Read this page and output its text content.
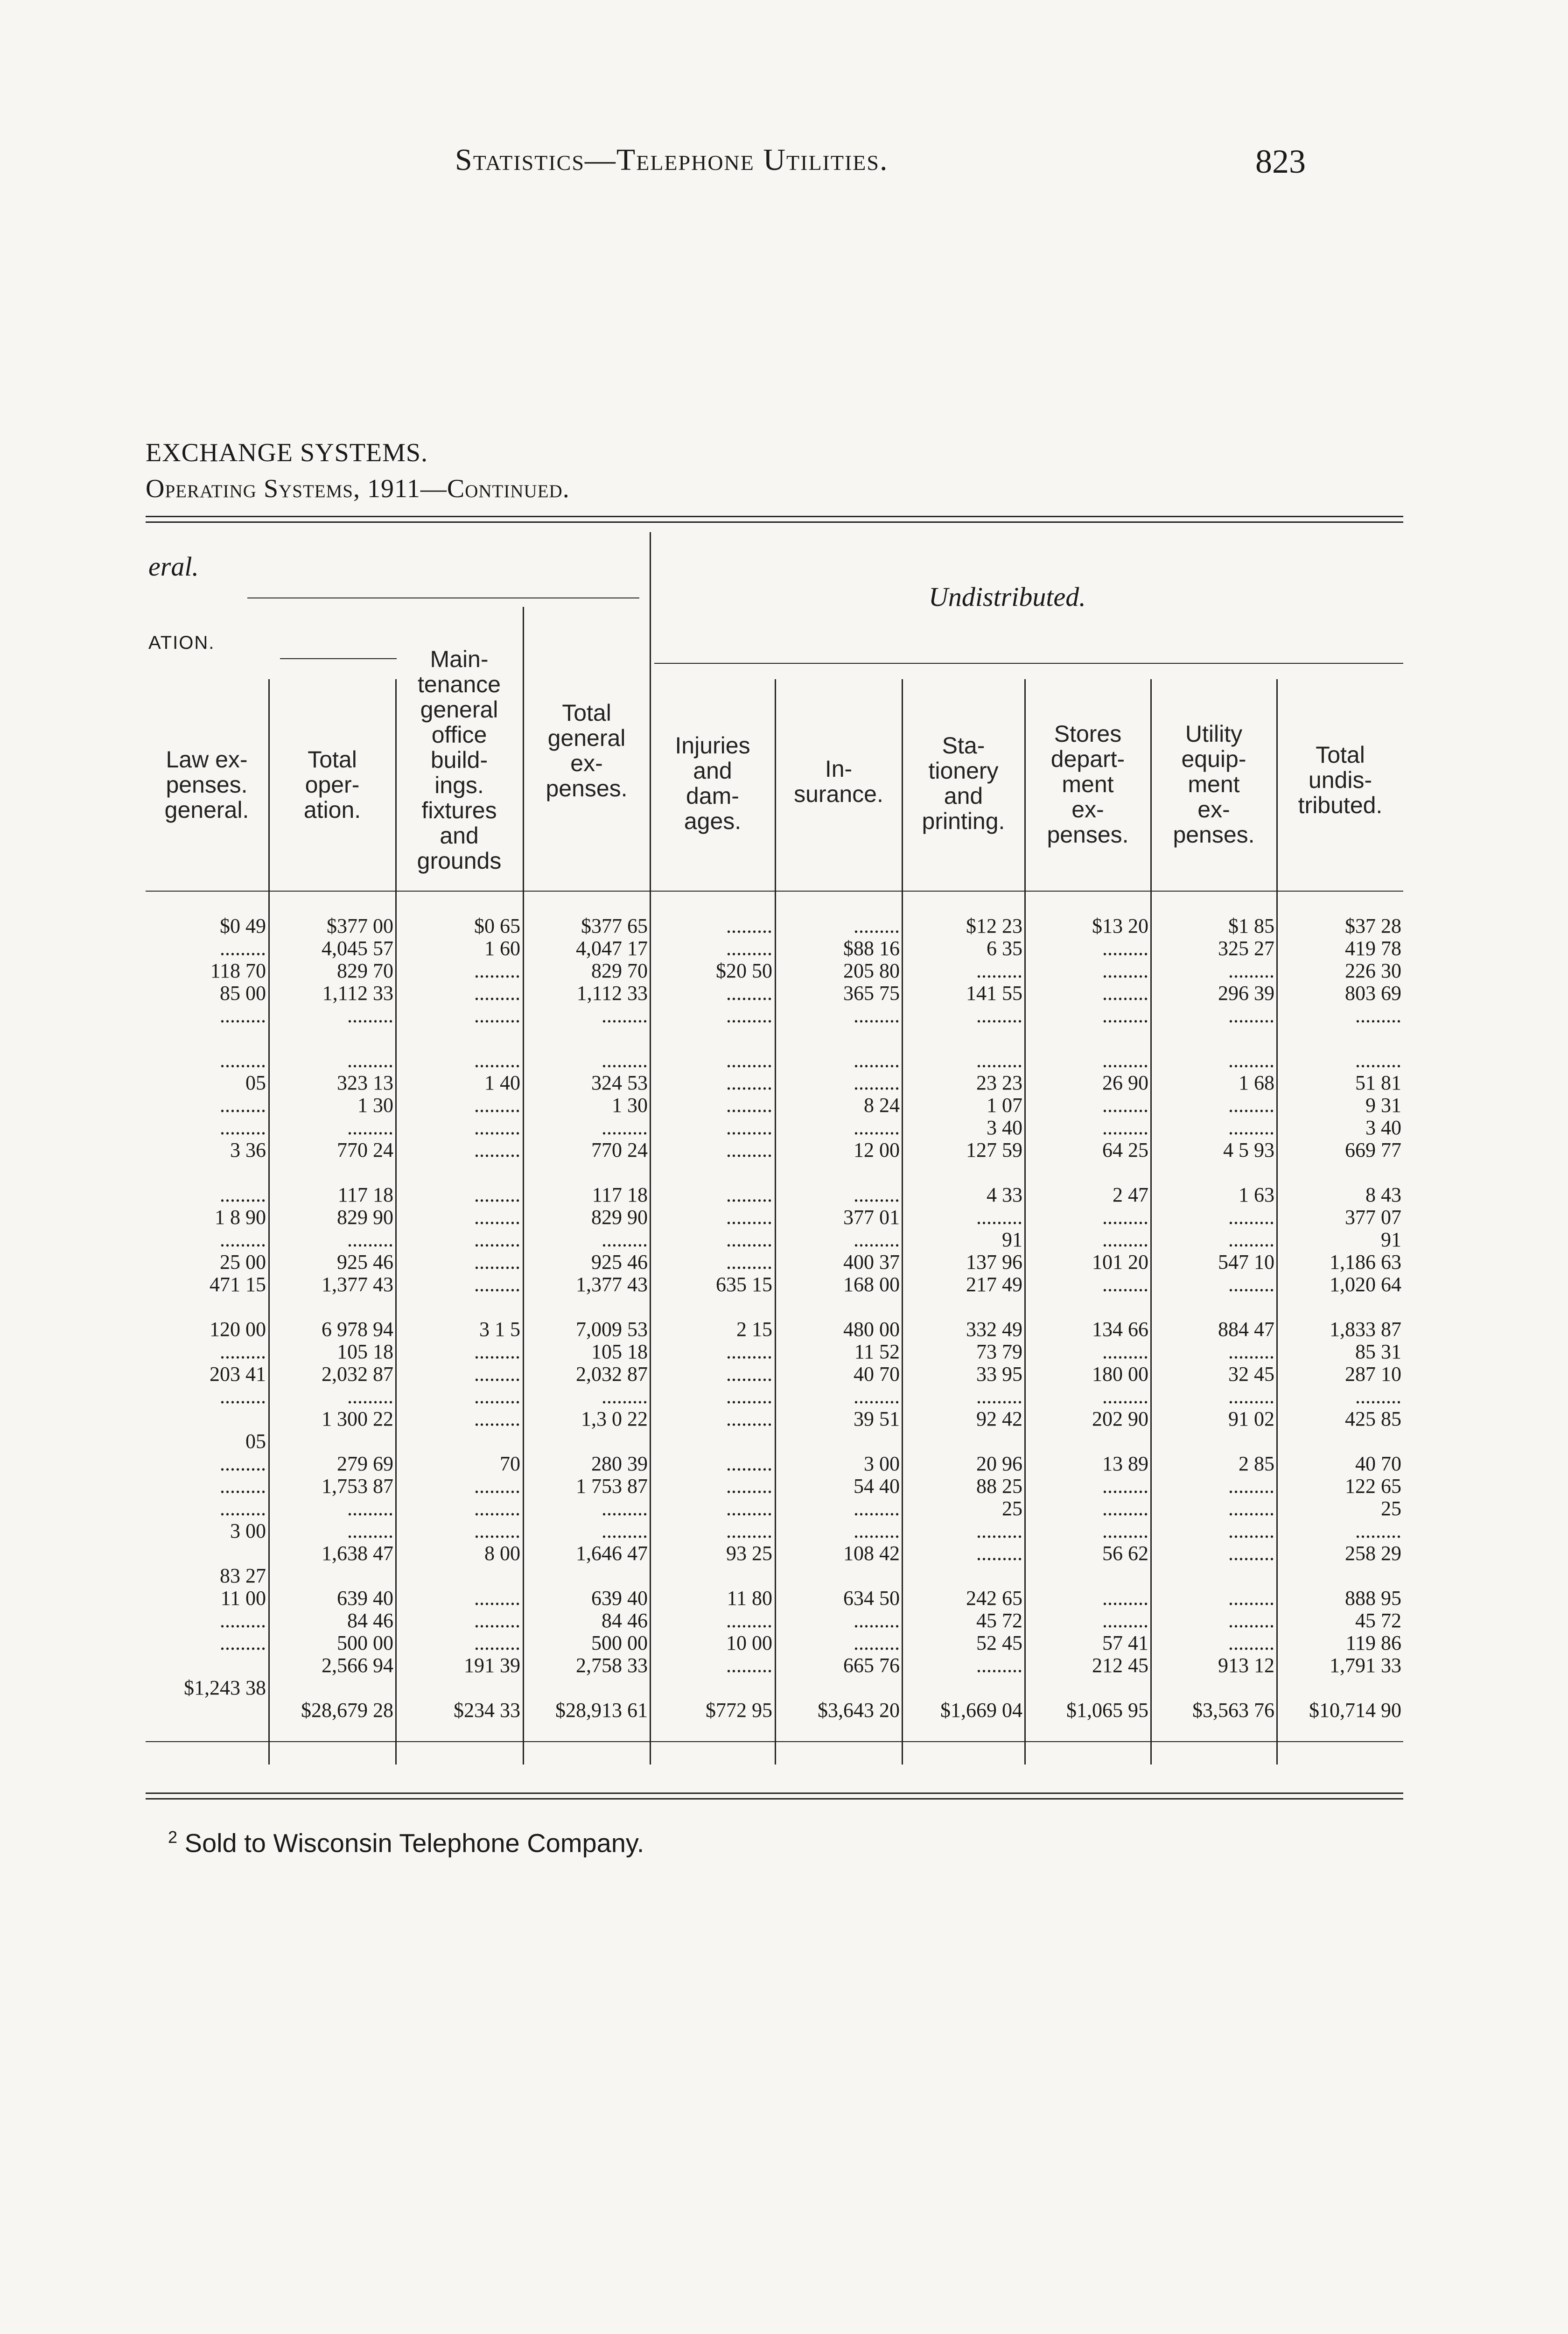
Statistics—Telephone Utilities.	823
EXCHANGE SYSTEMS.
Operating Systems, 1911—Continued.
eral.
Undistributed.
ATION.
Law ex-
penses.
general.
Total
oper-
ation.
Main-
tenance
general
office
build-
ings.
fixtures
and
grounds
Total
general
ex-
penses.
Injuries
and
dam-
ages.
In-
surance.
Sta-
tionery
and
printing.
Stores
depart-
ment
ex-
penses.
Utility
equip-
ment
ex-
penses.
Total
undis-
tributed.
$0 49
.........
118 70
85 00
.........

.........
05
.........
.........
3 36

.........
1 8 90
.........
25 00
471 15

120 00
.........
203 41
.........

05
.........
.........
.........
3 00

83 27
11 00
.........
.........

$1,243 38
$377 00
4,045 57
829 70
1,112 33
.........

.........
323 13
1 30
.........
770 24

117 18
829 90
.........
925 46
1,377 43

6 978 94
105 18
2,032 87
.........
1 300 22

279 69
1,753 87
.........
.........
1,638 47

639 40
84 46
500 00
2,566 94

$28,679 28
$0 65
1 60
.........
.........
.........

.........
1 40
.........
.........
.........

.........
.........
.........
.........
.........

3 1 5
.........
.........
.........
.........

70
.........
.........
.........
8 00

.........
.........
.........
191 39

$234 33
$377 65
4,047 17
829 70
1,112 33
.........

.........
324 53
1 30
.........
770 24

117 18
829 90
.........
925 46
1,377 43

7,009 53
105 18
2,032 87
.........
1,3 0 22

280 39
1 753 87
.........
.........
1,646 47

639 40
84 46
500 00
2,758 33

$28,913 61
.........
.........
$20 50
.........
.........

.........
.........
.........
.........
.........

.........
.........
.........
.........
635 15

2 15
.........
.........
.........
.........

.........
.........
.........
.........
93 25

11 80
.........
10 00
.........

$772 95
.........
$88 16
205 80
365 75
.........

.........
.........
8 24
.........
12 00

.........
377 01
.........
400 37
168 00

480 00
11 52
40 70
.........
39 51

3 00
54 40
.........
.........
108 42

634 50
.........
.........
665 76

$3,643 20
$12 23
6 35
.........
141 55
.........

.........
23 23
1 07
3 40
127 59

4 33
.........
91
137 96
217 49

332 49
73 79
33 95
.........
92 42

20 96
88 25
25
.........
.........

242 65
45 72
52 45
.........

$1,669 04
$13 20
.........
.........
.........
.........

.........
26 90
.........
.........
64 25

2 47
.........
.........
101 20
.........

134 66
.........
180 00
.........
202 90

13 89
.........
.........
.........
56 62

.........
.........
57 41
212 45

$1,065 95
$1 85
325 27
.........
296 39
.........

.........
1 68
.........
.........
4 5 93

1 63
.........
.........
547 10
.........

884 47
.........
32 45
.........
91 02

2 85
.........
.........
.........
.........

.........
.........
.........
913 12

$3,563 76
$37 28
419 78
226 30
803 69
.........

.........
51 81
9 31
3 40
669 77

8 43
377 07
91
1,186 63
1,020 64

1,833 87
85 31
287 10
.........
425 85

40 70
122 65
25
.........
258 29

888 95
45 72
119 86
1,791 33

$10,714 90
$^2$ Sold to Wisconsin Telephone Company.
